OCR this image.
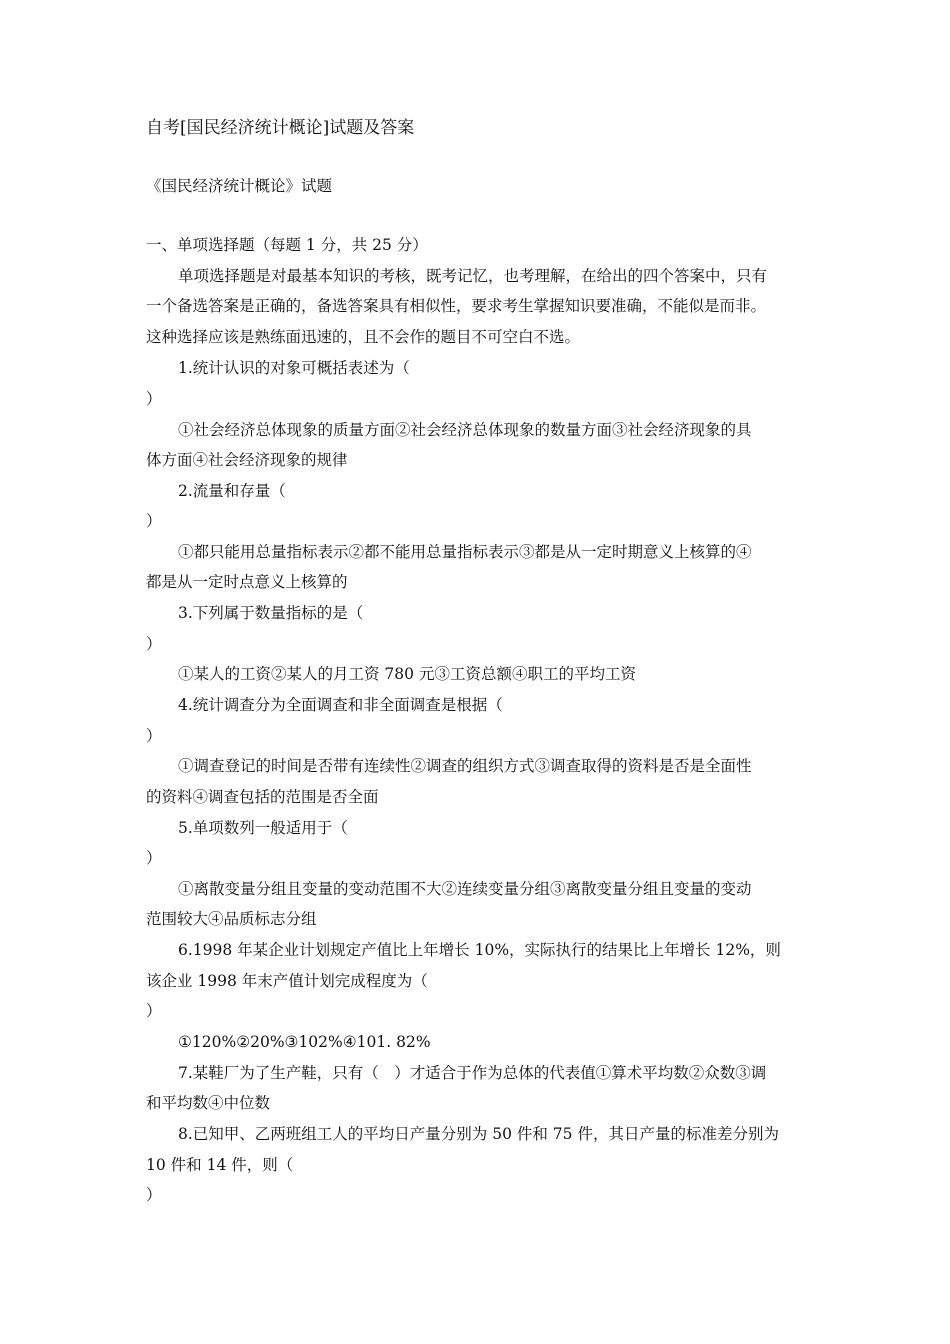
自考[国民经济统计概论]试题及答案

《国民经济统计概论》试题

一、单项选择题（每题 1 分，共 25 分）

单项选择题是对最基本知识的考核，既考记忆，也考理解，在给出的四个答案中，只有

一个备选答案是正确的，备选答案具有相似性，要求考生掌握知识要准确，不能似是而非。

这种选择应该是熟练面迅速的，且不会作的题目不可空白不选。

1.统计认识的对象可概括表述为（

）

①社会经济总体现象的质量方面②社会经济总体现象的数量方面③社会经济现象的具

体方面④社会经济现象的规律

2.流量和存量（

）

①都只能用总量指标表示②都不能用总量指标表示③都是从一定时期意义上核算的④

都是从一定时点意义上核算的

3.下列属于数量指标的是（

）

①某人的工资②某人的月工资 780 元③工资总额④职工的平均工资

4.统计调查分为全面调查和非全面调查是根据（

）

①调查登记的时间是否带有连续性②调查的组织方式③调查取得的资料是否是全面性

的资料④调查包括的范围是否全面

5.单项数列一般适用于（

）

①离散变量分组且变量的变动范围不大②连续变量分组③离散变量分组且变量的变动

范围较大④品质标志分组

6.1998 年某企业计划规定产值比上年增长 10%，实际执行的结果比上年增长 12%，则

该企业 1998 年末产值计划完成程度为（

）

①120%②20%③102%④101. 82%

7.某鞋厂为了生产鞋，只有（　）才适合于作为总体的代表值①算术平均数②众数③调

和平均数④中位数

8.已知甲、乙两班组工人的平均日产量分别为 50 件和 75 件，其日产量的标准差分别为

10 件和 14 件，则（

）
